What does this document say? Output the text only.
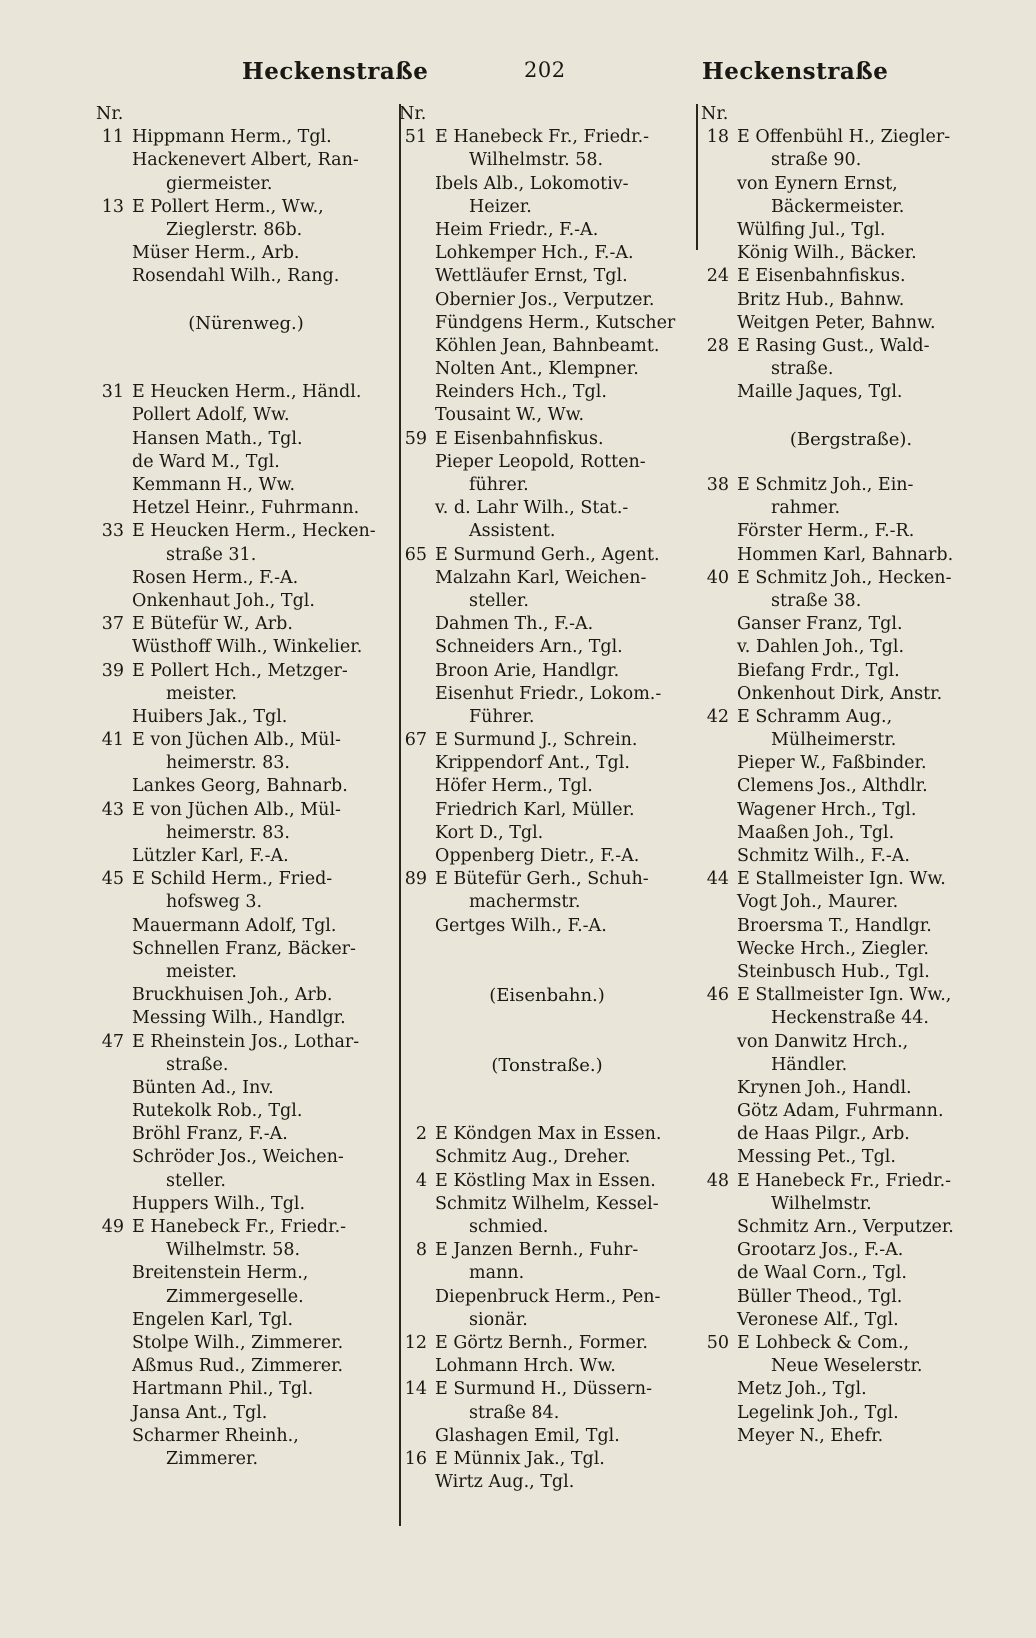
Heckenstraße	202	Heckenstraße
Nr.
11 Hippmann Herm., Tgl.
Hackenevert Albert, Ran-
giermeister.
13 E Pollert Herm., Ww.,
Zieglerstr. 86b.
Müser Herm., Arb.
Rosendahl Wilh., Rang.
(Nürenweg.)
31 E Heucken Herm., Händl.
Pollert Adolf, Ww.
Hansen Math., Tgl.
de Ward M., Tgl.
Kemmann H., Ww.
Hetzel Heinr., Fuhrmann.
33 E Heucken Herm., Hecken-
straße 31.
Rosen Herm., F.-A.
Onkenhaut Joh., Tgl.
37 E Bütefür W., Arb.
Wüsthoff Wilh., Winkelier.
39 E Pollert Hch., Metzger-
meister.
Huibers Jak., Tgl.
41 E von Jüchen Alb., Mül-
heimerstr. 83.
Lankes Georg, Bahnarb.
43 E von Jüchen Alb., Mül-
heimerstr. 83.
Lützler Karl, F.-A.
45 E Schild Herm., Fried-
hofsweg 3.
Mauermann Adolf, Tgl.
Schnellen Franz, Bäcker-
meister.
Bruckhuisen Joh., Arb.
Messing Wilh., Handlgr.
47 E Rheinstein Jos., Lothar-
straße.
Bünten Ad., Inv.
Rutekolk Rob., Tgl.
Bröhl Franz, F.-A.
Schröder Jos., Weichen-
steller.
Huppers Wilh., Tgl.
49 E Hanebeck Fr., Friedr.-
Wilhelmstr. 58.
Breitenstein Herm.,
Zimmergeselle.
Engelen Karl, Tgl.
Stolpe Wilh., Zimmerer.
Aßmus Rud., Zimmerer.
Hartmann Phil., Tgl.
Jansa Ant., Tgl.
Scharmer Rheinh.,
Zimmerer.
Nr.
51 E Hanebeck Fr., Friedr.-
Wilhelmstr. 58.
Ibels Alb., Lokomotiv-
Heizer.
Heim Friedr., F.-A.
Lohkemper Hch., F.-A.
Wettläufer Ernst, Tgl.
Obernier Jos., Verputzer.
Fündgens Herm., Kutscher
Köhlen Jean, Bahnbeamt.
Nolten Ant., Klempner.
Reinders Hch., Tgl.
Tousaint W., Ww.
59 E Eisenbahnfiskus.
Pieper Leopold, Rotten-
führer.
v. d. Lahr Wilh., Stat.-
Assistent.
65 E Surmund Gerh., Agent.
Malzahn Karl, Weichen-
steller.
Dahmen Th., F.-A.
Schneiders Arn., Tgl.
Broon Arie, Handlgr.
Eisenhut Friedr., Lokom.-
Führer.
67 E Surmund J., Schrein.
Krippendorf Ant., Tgl.
Höfer Herm., Tgl.
Friedrich Karl, Müller.
Kort D., Tgl.
Oppenberg Dietr., F.-A.
89 E Bütefür Gerh., Schuh-
machermstr.
Gertges Wilh., F.-A.
(Eisenbahn.)
(Tonstraße.)
2 E Köndgen Max in Essen.
Schmitz Aug., Dreher.
4 E Köstling Max in Essen.
Schmitz Wilhelm, Kessel-
schmied.
8 E Janzen Bernh., Fuhr-
mann.
Diepenbruck Herm., Pen-
sionär.
12 E Görtz Bernh., Former.
Lohmann Hrch. Ww.
14 E Surmund H., Düssern-
straße 84.
Glashagen Emil, Tgl.
16 E Münnix Jak., Tgl.
Wirtz Aug., Tgl.
Nr.
18 E Offenbühl H., Ziegler-
straße 90.
von Eynern Ernst,
Bäckermeister.
Wülfing Jul., Tgl.
König Wilh., Bäcker.
24 E Eisenbahnfiskus.
Britz Hub., Bahnw.
Weitgen Peter, Bahnw.
28 E Rasing Gust., Wald-
straße.
Maille Jaques, Tgl.
(Bergstraße).
38 E Schmitz Joh., Ein-
rahmer.
Förster Herm., F.-R.
Hommen Karl, Bahnarb.
40 E Schmitz Joh., Hecken-
straße 38.
Ganser Franz, Tgl.
v. Dahlen Joh., Tgl.
Biefang Frdr., Tgl.
Onkenhout Dirk, Anstr.
42 E Schramm Aug.,
Mülheimerstr.
Pieper W., Faßbinder.
Clemens Jos., Althdlr.
Wagener Hrch., Tgl.
Maaßen Joh., Tgl.
Schmitz Wilh., F.-A.
44 E Stallmeister Ign. Ww.
Vogt Joh., Maurer.
Broersma T., Handlgr.
Wecke Hrch., Ziegler.
Steinbusch Hub., Tgl.
46 E Stallmeister Ign. Ww.,
Heckenstraße 44.
von Danwitz Hrch.,
Händler.
Krynen Joh., Handl.
Götz Adam, Fuhrmann.
de Haas Pilgr., Arb.
Messing Pet., Tgl.
48 E Hanebeck Fr., Friedr.-
Wilhelmstr.
Schmitz Arn., Verputzer.
Grootarz Jos., F.-A.
de Waal Corn., Tgl.
Büller Theod., Tgl.
Veronese Alf., Tgl.
50 E Lohbeck & Com.,
Neue Weselerstr.
Metz Joh., Tgl.
Legelink Joh., Tgl.
Meyer N., Ehefr.
